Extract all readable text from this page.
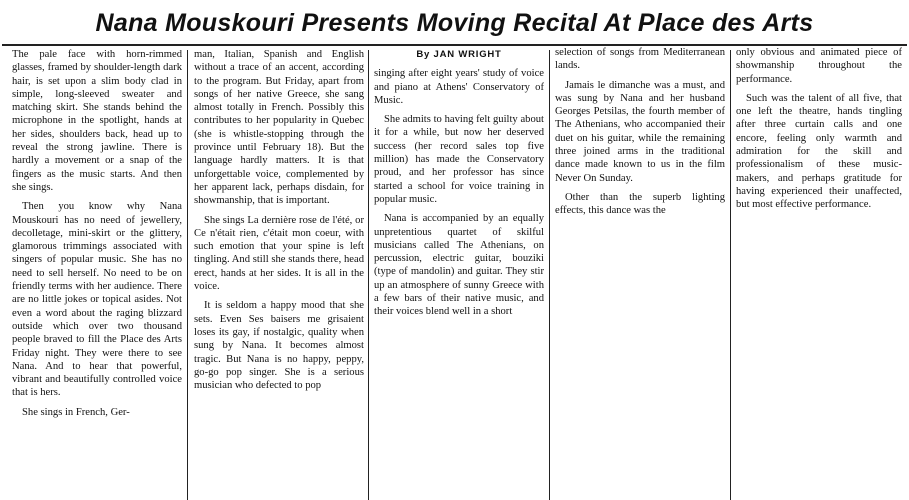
Nana Mouskouri Presents Moving Recital At Place des Arts

The pale face with horn-rimmed glasses, framed by shoulder-length dark hair, is set upon a slim body clad in simple, long-sleeved sweater and matching skirt. She stands behind the microphone in the spotlight, hands at her sides, shoulders back, head up to reveal the strong jawline. There is hardly a movement or a snap of the fingers as the music starts. And then she sings.

Then you know why Nana Mouskouri has no need of jewellery, decolletage, mini-skirt or the glittery, glamorous trimmings associated with singers of popular music. She has no need to sell herself. No need to be on friendly terms with her audience. There are no little jokes or topical asides. Not even a word about the raging blizzard outside which over two thousand people braved to fill the Place des Arts Friday night. They were there to see Nana. And to hear that powerful, vibrant and beautifully controlled voice that is hers.

She sings in French, Ger-

man, Italian, Spanish and English without a trace of an accent, according to the program. But Friday, apart from songs of her native Greece, she sang almost totally in French. Possibly this contributes to her popularity in Quebec (she is whistle-stopping through the province until February 18). But the language hardly matters. It is that unforgettable voice, complemented by her apparent lack, perhaps disdain, for showmanship, that is important.

She sings La dernière rose de l'été, or Ce n'était rien, c'était mon coeur, with such emotion that your spine is left tingling. And still she stands there, head erect, hands at her sides. It is all in the voice.

It is seldom a happy mood that she sets. Even Ses baisers me grisaient loses its gay, if nostalgic, quality when sung by Nana. It becomes almost tragic. But Nana is no happy, peppy, go-go pop singer. She is a serious musician who defected to pop

By JAN WRIGHT

singing after eight years' study of voice and piano at Athens' Conservatory of Music.

She admits to having felt guilty about it for a while, but now her deserved success (her record sales top five million) has made the Conservatory proud, and her professor has since started a school for voice training in popular music.

Nana is accompanied by an equally unpretentious quartet of skilful musicians called The Athenians, on percussion, electric guitar, bouziki (type of mandolin) and guitar. They stir up an atmosphere of sunny Greece with a few bars of their native music, and their voices blend well in a short

selection of songs from Mediterranean lands.

Jamais le dimanche was a must, and was sung by Nana and her husband Georges Petsilas, the fourth member of The Athenians, who accompanied their duet on his guitar, while the remaining three joined arms in the traditional dance made known to us in the film Never On Sunday.

Other than the superb lighting effects, this dance was the

only obvious and animated piece of showmanship throughout the performance.

Such was the talent of all five, that one left the theatre, hands tingling after three curtain calls and one encore, feeling only warmth and admiration for the skill and professionalism of these music-makers, and perhaps gratitude for having experienced their unaffected, but most effective performance.
